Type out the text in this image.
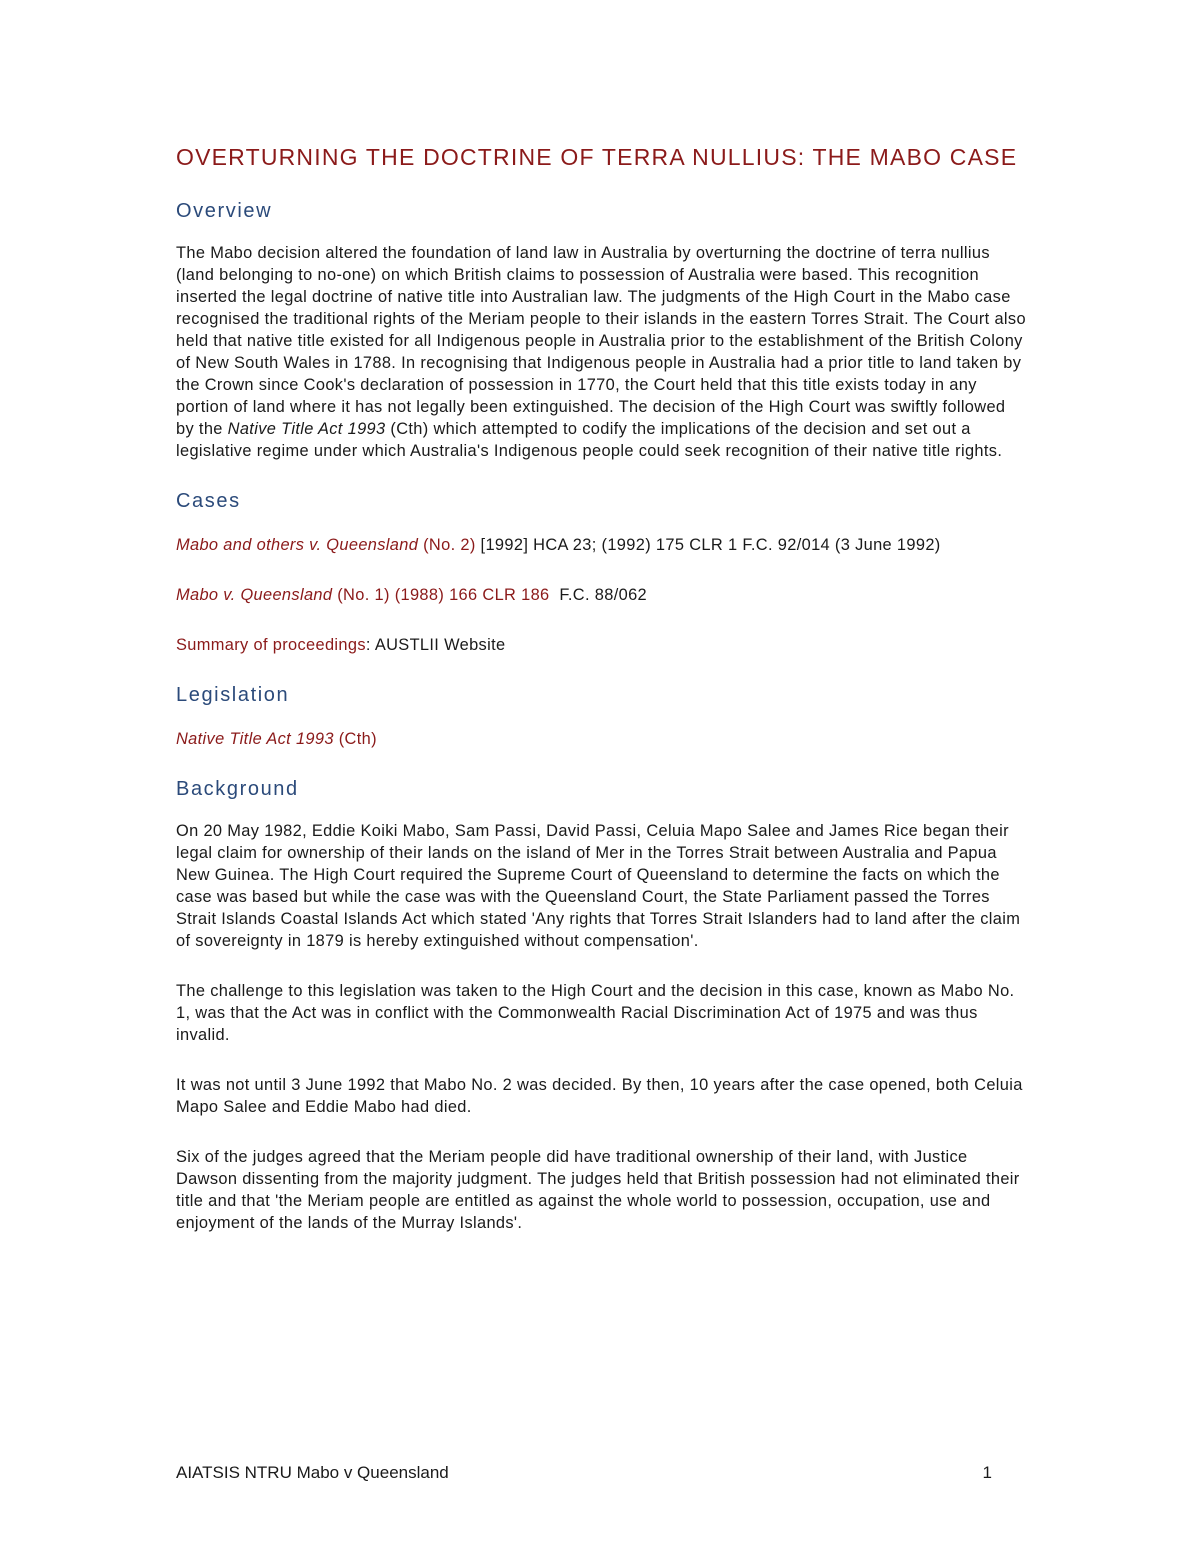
OVERTURNING THE DOCTRINE OF TERRA NULLIUS: THE MABO CASE
Overview

The Mabo decision altered the foundation of land law in Australia by overturning the doctrine of terra nullius (land belonging to no-one) on which British claims to possession of Australia were based. This recognition inserted the legal doctrine of native title into Australian law. The judgments of the High Court in the Mabo case recognised the traditional rights of the Meriam people to their islands in the eastern Torres Strait. The Court also held that native title existed for all Indigenous people in Australia prior to the establishment of the British Colony of New South Wales in 1788. In recognising that Indigenous people in Australia had a prior title to land taken by the Crown since Cook's declaration of possession in 1770, the Court held that this title exists today in any portion of land where it has not legally been extinguished. The decision of the High Court was swiftly followed by the Native Title Act 1993 (Cth) which attempted to codify the implications of the decision and set out a legislative regime under which Australia's Indigenous people could seek recognition of their native title rights.

Cases

Mabo and others v. Queensland (No. 2) [1992] HCA 23; (1992) 175 CLR 1 F.C. 92/014 (3 June 1992)

Mabo v. Queensland (No. 1) (1988) 166 CLR 186  F.C. 88/062

Summary of proceedings: AUSTLII Website

Legislation

Native Title Act 1993 (Cth)

Background

On 20 May 1982, Eddie Koiki Mabo, Sam Passi, David Passi, Celuia Mapo Salee and James Rice began their legal claim for ownership of their lands on the island of Mer in the Torres Strait between Australia and Papua New Guinea. The High Court required the Supreme Court of Queensland to determine the facts on which the case was based but while the case was with the Queensland Court, the State Parliament passed the Torres Strait Islands Coastal Islands Act which stated 'Any rights that Torres Strait Islanders had to land after the claim of sovereignty in 1879 is hereby extinguished without compensation'.

The challenge to this legislation was taken to the High Court and the decision in this case, known as Mabo No. 1, was that the Act was in conflict with the Commonwealth Racial Discrimination Act of 1975 and was thus invalid.

It was not until 3 June 1992 that Mabo No. 2 was decided. By then, 10 years after the case opened, both Celuia Mapo Salee and Eddie Mabo had died.

Six of the judges agreed that the Meriam people did have traditional ownership of their land, with Justice Dawson dissenting from the majority judgment. The judges held that British possession had not eliminated their title and that 'the Meriam people are entitled as against the whole world to possession, occupation, use and enjoyment of the lands of the Murray Islands'.

AIATSIS NTRU Mabo v Queensland	1
